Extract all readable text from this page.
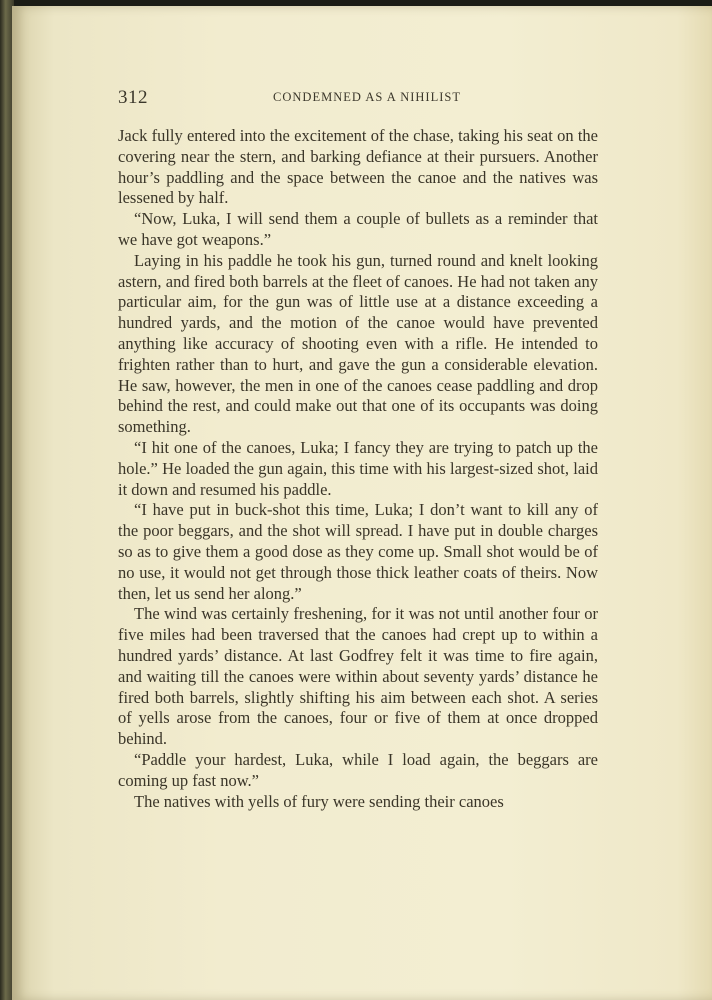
312	CONDEMNED AS A NIHILIST

Jack fully entered into the excitement of the chase, taking his seat on the covering near the stern, and barking defiance at their pursuers. Another hour’s paddling and the space between the canoe and the natives was lessened by half.

“Now, Luka, I will send them a couple of bullets as a reminder that we have got weapons.”

Laying in his paddle he took his gun, turned round and knelt looking astern, and fired both barrels at the fleet of canoes. He had not taken any particular aim, for the gun was of little use at a distance exceeding a hundred yards, and the motion of the canoe would have prevented anything like accuracy of shooting even with a rifle. He intended to frighten rather than to hurt, and gave the gun a considerable elevation. He saw, however, the men in one of the canoes cease paddling and drop behind the rest, and could make out that one of its occupants was doing something.

“I hit one of the canoes, Luka; I fancy they are trying to patch up the hole.” He loaded the gun again, this time with his largest-sized shot, laid it down and resumed his paddle.

“I have put in buck-shot this time, Luka; I don’t want to kill any of the poor beggars, and the shot will spread. I have put in double charges so as to give them a good dose as they come up. Small shot would be of no use, it would not get through those thick leather coats of theirs. Now then, let us send her along.”

The wind was certainly freshening, for it was not until another four or five miles had been traversed that the canoes had crept up to within a hundred yards’ distance. At last Godfrey felt it was time to fire again, and waiting till the canoes were within about seventy yards’ distance he fired both barrels, slightly shifting his aim between each shot. A series of yells arose from the canoes, four or five of them at once dropped behind.

“Paddle your hardest, Luka, while I load again, the beggars are coming up fast now.”

The natives with yells of fury were sending their canoes
